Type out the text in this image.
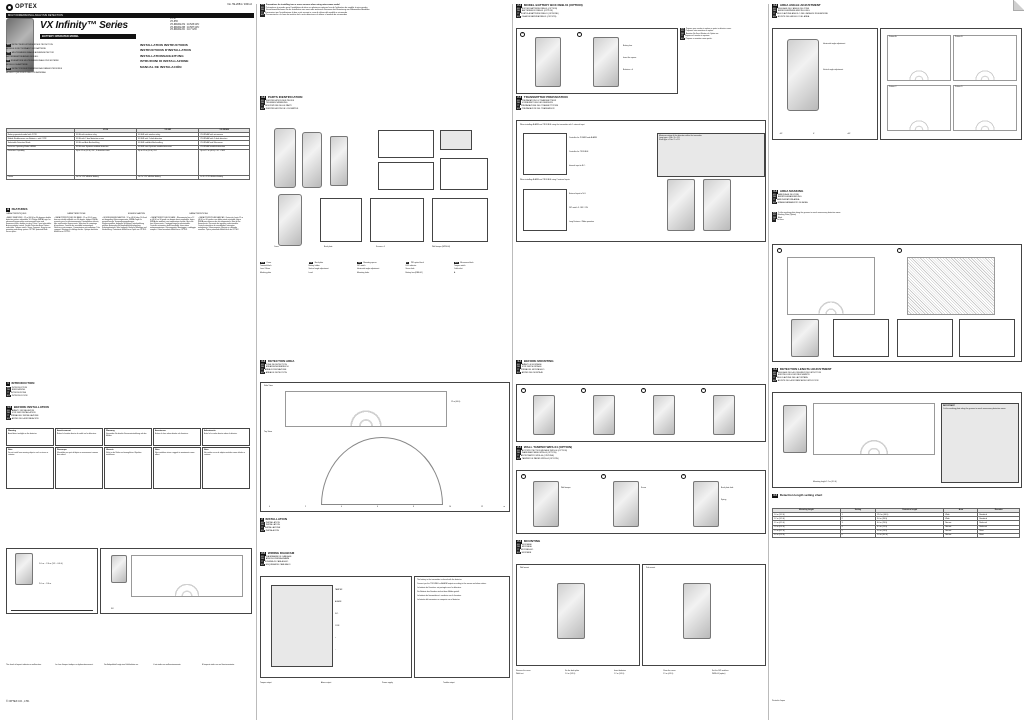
No. 59-2081 / 1601-0
OPTEX
MULTI DIMENSIONAL ANALYSIS DETECTION
VX Infinity™ Series
BATTERY OPERATED MODEL
VX-IH
VX-IHR
VX-IRDAM-XS : 10.525 GHz
VX-IRDAM-XB : 10.587 GHz
VX-IRDAM-XC : 10.7 GHz
FR DETECTEUR EXTERIEUR MULTIFONCTION
MODELE FONCTIONNANT SUR BATTERIE
DE MULTIDIMENSIONALER AUSSENDETEKTOR
BATTERIEBETRIEBENES MODELL
IT RILEVATORE MULTIDIMENSIONALE PER ESTERNI
MODELLO A BATTERIE
ES DETECTOR MULTIDIMENSIONAL PARA EXTERIORES
MODELO QUE FUNCIONA CON BATERÍAS
INSTALLATION INSTRUCTIONS
INSTRUCTIONS D'INSTALLATION
INSTALLATIONSANLEITUNG
ISTRUZIONI DI INSTALLAZIONE
MANUAL DE INSTALACIÓN
	VX-IH	VX-IHR	VX-IRDAM
Battery operated model with 2 PIR	VX-IH with wireless relay	VX-IHR with wireless relay	VX-IRDAM with microwave
Mobile Nordframmen vor Batterie + with 2 PIR	VX-IH with 2 dual detection areas	VX-IHR with 2 dual detection	VX-IRDAM with 2 dual detection
Selectable Detection Mode	VX-IH and Anti-Backwalking	VX-IHR and Anti-Backwalking	VX-IRDAM and Microwave
Detector Operating Mode / AREA	VX-IH area Systems enabled detection	VX-IHR area Systems enabled detection	VX-IRDAM enabled detection
Detection Capability	Up to 12 m (40 ft) / 90°, 4 detection area	Up to 12 m (40 ft) / 90°	Up to 12 m (40 ft) / 90° + MW
Power	Lo 4 x 1.5V alkaline battery	Lo 4 x 1.5V alkaline battery	Lo 4 x 1.5V alkaline battery
■ FEATURES
CARACTERISTIQUES	CARATTERISTICHE	EIGENSCHAFTEN	CARACTERÍSTICAS
• BASIC FEATURES : 12 m (40 ft) by 90 degrees double detection pattern adjustable, 4-5 Range SMDA Logic for advanced temperature environmental noise and fluorescent filter, double circuitry. Pulse Count selectable. Auto-sensitivity control. Double Detection Area Pattern selectable. Tamper switch. Super Compact. Easy-to-use mounting and wiring system. OPTEX patented Multi-Focus optics.
• CARACTÉRISTIQUES DE BASE : 12 m (40 ft) avec faisceau double réglable sur 90 degrés, logique SMDA avancée pour les environnements à température élevée, filtre anti-lumière fluorescente. Sélection du comptage d'impulsions. Contrôle de sensibilité automatique. Détecteur anti-masque. Commutateur anti-sabotage. Très compact. Montage et câblage faciles. Optique brevetée Multi-Focus OPTEX.
• GRUNDEIGENSCHAFTEN : 12 m (40 ft) über 90 Grad mit doppeltem Erfassungsmuster, SMDA-Logik für anspruchsvolle Temperaturumgebungen, Fluoreszenzfilter, doppelte Schaltung. Impulszählung wählbar. Automatische Empfindlichkeitsregelung. Sabotagekontakt. Sehr kompakt. Einfache Montage und Verdrahtung. Patentierte Multi-Focus Optik von OPTEX.
• CARATTERISTICHE DI BASE : Rilevamento fino a 12 m (40 ft) su 90 gradi con doppio fascio regolabile, logica SMDA per ambienti con temperature elevate, filtro anti-luce fluorescente. Conteggio impulsi selezionabile. Controllo automatico della sensibilità. Interruttore antimanomissione. Ultracompatto. Montaggio e cablaggio semplici. Ottica brevettata Multi-Focus OPTEX.
• CARACTERÍSTICAS BÁSICAS : Detección hasta 12 m (40 ft) en 90 grados con doble patrón ajustable, lógica SMDA para entornos de alta temperatura, filtro de luz fluorescente. Recuento de impulsos seleccionable. Control automático de sensibilidad. Interruptor antisabotaje. Ultracompacto. Montaje y cableado sencillos. Óptica patentada Multi-Focus de OPTEX.
1 INTRODUCTION
FR INTRODUCTION
DE EINFÜHRUNG
IT INTRODUZIONE
ES INTRODUCCIÓN
1-5 BEFORE INSTALLATION
FR AVANT L'INSTALLATION
DE VOR DER INSTALLATION
IT PRIMA DELL'INSTALLAZIONE
ES ANTES DE LA INSTALACIÓN
Warning
Avoid direct sunlight on the detector.
Avertissement
Évitez la lumière directe du soleil sur le détecteur.
Warnung
Vermeiden Sie direkte Sonneneinstrahlung auf den Melder.
Avvertenza
Evitare la luce solare diretta sul rilevatore.
Advertencia
Evite la luz solar directa sobre el detector.
Note
Do not install near moving objects such as trees or curtains.
Remarque
N'installez pas près d'objets en mouvement comme des arbres.
Hinweis
Nicht in der Nähe von beweglichen Objekten installieren.
Nota
Non installare vicino a oggetti in movimento come alberi.
Nota
No instale cerca de objetos móviles como árboles o cortinas.
1.0 m – 2.0 m (3.3 – 6.6 ft)
2.0 m – 3.0 m
90°
The shock of impact indicates a malfunction.	Le choc d'impact indique un dysfonctionnement.	Der Aufprallstoß zeigt eine Fehlfunktion an.	L'urto indica un malfunzionamento.	El impacto indica un mal funcionamiento.
© OPTEX CO., LTD.
EN Precautions for installing two or more sensors when using micro-wave model
FR Précautions à prendre pour l'installation de deux ou plusieurs capteurs lors de l'utilisation du modèle à micro-ondes
DE Vorsichtsmaßnahmen für die Installation von zwei oder mehreren Sensoren bei Benutzung von Mikrowellen-Modellen
IT Precauzioni per l'installazione di due o più sensori in caso di utilizzo del modello a microonde
ES Precauciones a la hora de instalar dos o más detectores al utilizar el modelo de microondas
3-2 PARTS IDENTIFICATION
FR IDENTIFICATION DES PIECES
DE TEILEBESCHREIBUNG
IT DESCRIZIONE DELLE PARTI
ES IDENTIFICACIÓN DE LOS PARTES
Cover	Back plate	Screws x 4	Wall tamper (WRS-04)
EN Cover	FR Back plate	DE Mounting spacer	IT PIR optics block	ES Microwave block
Terminal block	Battery holder	DIP switch	LED indicator	Tamper switch
Lens / Mirror	Vertical angle adjustment	Horizontal angle adjustment	Screw hole	Cable inlet
Masking plate	Level	Mounting holes	Battery box (RBB-01)	A
3-3 DETECTION AREA
FR ZONE DE DETECTION
DE ERFASSUNGSBEREICH
IT AREA DI RILEVAZIONE
ES ÁREA DE DETECCIÓN
Side View
12 m (40 ft)
Top View
0	2	4	6	8	10	12	m
2 INSTALLATION
FR INSTALLATION
DE INSTALLATION
IT INSTALLAZIONE
ES INSTALACIÓN
2-5 WIRING DIAGRAM
FR DIAGRAMME DE CABLAGE
DE ANSCHLUSSDIAGRAMM
IT SCHEMA DI CABLAGGIO
ES ESQUEMA DE CABLEADO
TAMPER
ALARM
N.C.
COM
+
−
The battery in the transmitter is shared with the detector.
Connect per the TROUBLE or ALARM output according to the sensor and alarm states.
La batterie de l'émetteur est partagée avec le détecteur.
Die Batterie des Senders wird mit dem Melder geteilt.
La batteria del trasmettitore è condivisa con il rilevatore.
La batería del transmisor se comparte con el detector.
Tamper output	Alarm output	Power supply	Trouble output
2-2 MODEL BATTERY BOX RBB-01 (OPTION)
FR BOITIER BATTERIE RBB-01 (OPTION)
DE BATTERIEBOX RBB-01 (OPTION)
IT SCATOLA BATTERIE RBB-01 (OPZIONE)
ES CAJA DE BATERÍA RBB-01 (OPCIÓN)
1	2
Battery box
Insert the spacer
Batteries x 4
EN Prepare your monitor in option as parts in detector cases.
FR Préparez votre moniteur en option.
DE Bereiten Sie Ihren Monitor als Option vor.
IT Preparare il monitor in opzione.
ES Prepare su monitor como opción.
2-3 TRANSMITTER PREPARATION
FR PREPARATION DU TRANSMETTEUR
DE VORBEREITUNG DES SENDERS
IT PREPARAZIONE DEL TRASMETTITORE
ES PREPARACIÓN DEL TRANSMISOR
When installing ALARM and TROUBLE using the transmitter with 1 external input
Controller for POWER and ALARM
Controller for TROUBLE
Internal input to N.C.
When installing ALARM and TROUBLE using 2 external inputs
External input to N.O.
DIP switch 3: OFF / ON
Long Distance / Wide operation
Maximum wiring of the detection within the transmitter
Long type = 15m / 5 = 1/3
Short type = 10m / 5 = 1/5
4-4 BEFORE MOUNTING
FR AVANT LE MONTAGE
DE VOR DER MONTAGE
IT PRIMA DEL MONTAGGIO
ES ANTES DEL MONTAJE
1	2	3	4
2-4 WALL TAMPER WRS-04 (OPTION)
FR AUTOPROTECTION MURALE WRS-04 (OPTION)
DE WANDSABOTAGE WRS-04 (OPTION)
IT ANTISTRAPPO WRS-04 (OPZIONE)
ES TAMPER DE PARED WRS-04 (OPCIÓN)
1	2	3
Wall tamper	Screw	Back plate hole
Spring
2-6 MOUNTING
FR MONTAGE
DE MONTAGE
IT MONTAGGIO
ES MONTAJE
Wall mount	Pole mount
Remove the cover	Fix the back plate	Insert batteries	Close the cover	Set the DIP switches
Walk test	1.0 m (3.3 ft)	1.2 m (3.9 ft)	1.5 m (4.9 ft)	WRS-04 (option)
3-2 AREA ANGLE ADJUSTMENT
FR REGLAGE DE L'ANGLE DE ZONE
DE BEREICHSWINKELEINSTELLUNG
IT REGOLAZIONE ANGOLO DELL'AREA DI RILEVAZIONE
ES AJUSTE DEL ÁNGULO DEL ÁREA
Horizontal angle adjustment
Vertical angle adjustment
−45°	0°	+45°
Pattern A	Pattern B
Pattern C	Pattern D
3-3 AREA MASKING
FR MASQUAGE DE ZONE
DE BEREICHSMASKIERUNG
IT MASCHERATURA AREA
ES ENMASCARAMIENTO DE ÁREA
EN Cut the masking plate along the grooves to mask unnecessary detection areas.
FR Masking Plate (Option)
DE Mask
IT Cut here
1	2
3-4 DETECTION LENGTH ADJUSTMENT
FR REGLAGE DE LA LONGUEUR DE DETECTION
DE EINSTELLUNG DER REICHWEITE
IT REGOLAZIONE DELLA PORTATA
ES AJUSTE DE LA DISTANCIA DE DETECCIÓN
IMPORTANT
Cut the masking plate along the grooves to mask unnecessary detection areas.
Mounting height 1.2 m (3.9 ft)
3-5 Detection length setting chart
Mounting height	Setting	Detection length	Area	Remarks
1.0 m (3.3 ft)	1	12.0 m (40 ft)	Wide	Standard
1.2 m (3.9 ft)	2	9.0 m (30 ft)	Wide	Standard
1.5 m (4.9 ft)	3	6.0 m (20 ft)	Narrow	Reduced
2.0 m (6.6 ft)	4	4.5 m (15 ft)	Narrow	Reduced
2.5 m (8.2 ft)	5	3.0 m (10 ft)	Narrow	Short
3.0 m (9.8 ft)	6	2.0 m (6.6 ft)	Narrow	Short
Printed in Japan
